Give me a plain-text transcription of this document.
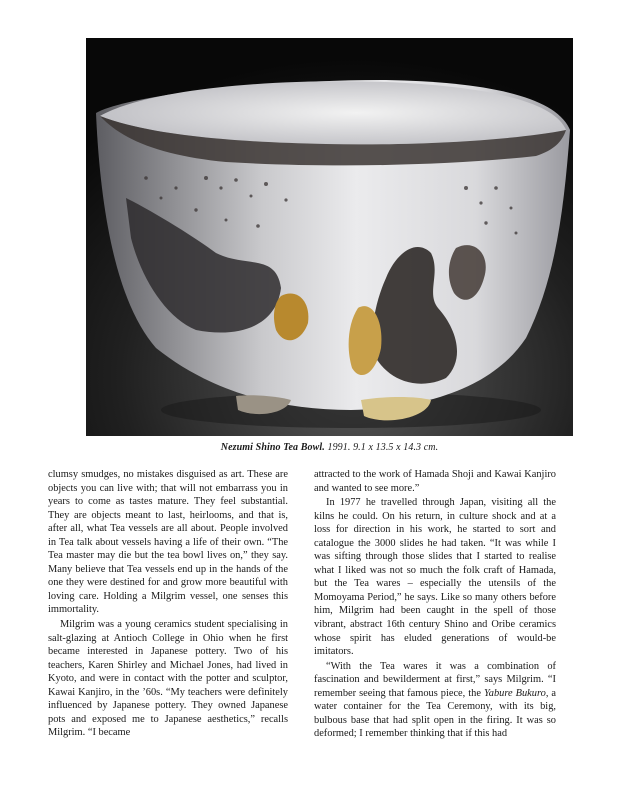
Nezumi Shino Tea Bowl. 1991. 9.1 x 13.5 x 14.3 cm.

clumsy smudges, no mistakes disguised as art. These are objects you can live with; that will not embarrass you in years to come as tastes mature. They feel substantial. They are objects meant to last, heirlooms, and that is, after all, what Tea vessels are all about. People involved in Tea talk about vessels having a life of their own. “The Tea master may die but the tea bowl lives on,” they say. Many believe that Tea vessels end up in the hands of the one they were destined for and grow more beautiful with loving care. Holding a Milgrim vessel, one senses this immortality.

Milgrim was a young ceramics student specialising in salt-glazing at Antioch College in Ohio when he first became interested in Japanese pottery. Two of his teachers, Karen Shirley and Michael Jones, had lived in Kyoto, and were in contact with the potter and sculptor, Kawai Kanjiro, in the ’60s. “My teachers were definitely influenced by Japanese pottery. They owned Japanese pots and exposed me to Japanese aesthetics,” recalls Milgrim. “I became

attracted to the work of Hamada Shoji and Kawai Kanjiro and wanted to see more.”

In 1977 he travelled through Japan, visiting all the kilns he could. On his return, in culture shock and at a loss for direction in his work, he started to sort and catalogue the 3000 slides he had taken. “It was while I was sifting through those slides that I started to realise what I liked was not so much the folk craft of Hamada, but the Tea wares – especially the utensils of the Momoyama Period,” he says. Like so many others before him, Milgrim had been caught in the spell of those vibrant, abstract 16th century Shino and Oribe ceramics whose spirit has eluded generations of would-be imitators.

“With the Tea wares it was a combination of fascination and bewilderment at first,” says Milgrim. “I remember seeing that famous piece, the Yabure Bukuro, a water container for the Tea Ceremony, with its big, bulbous base that had split open in the firing. It was so deformed; I remember thinking that if this had
